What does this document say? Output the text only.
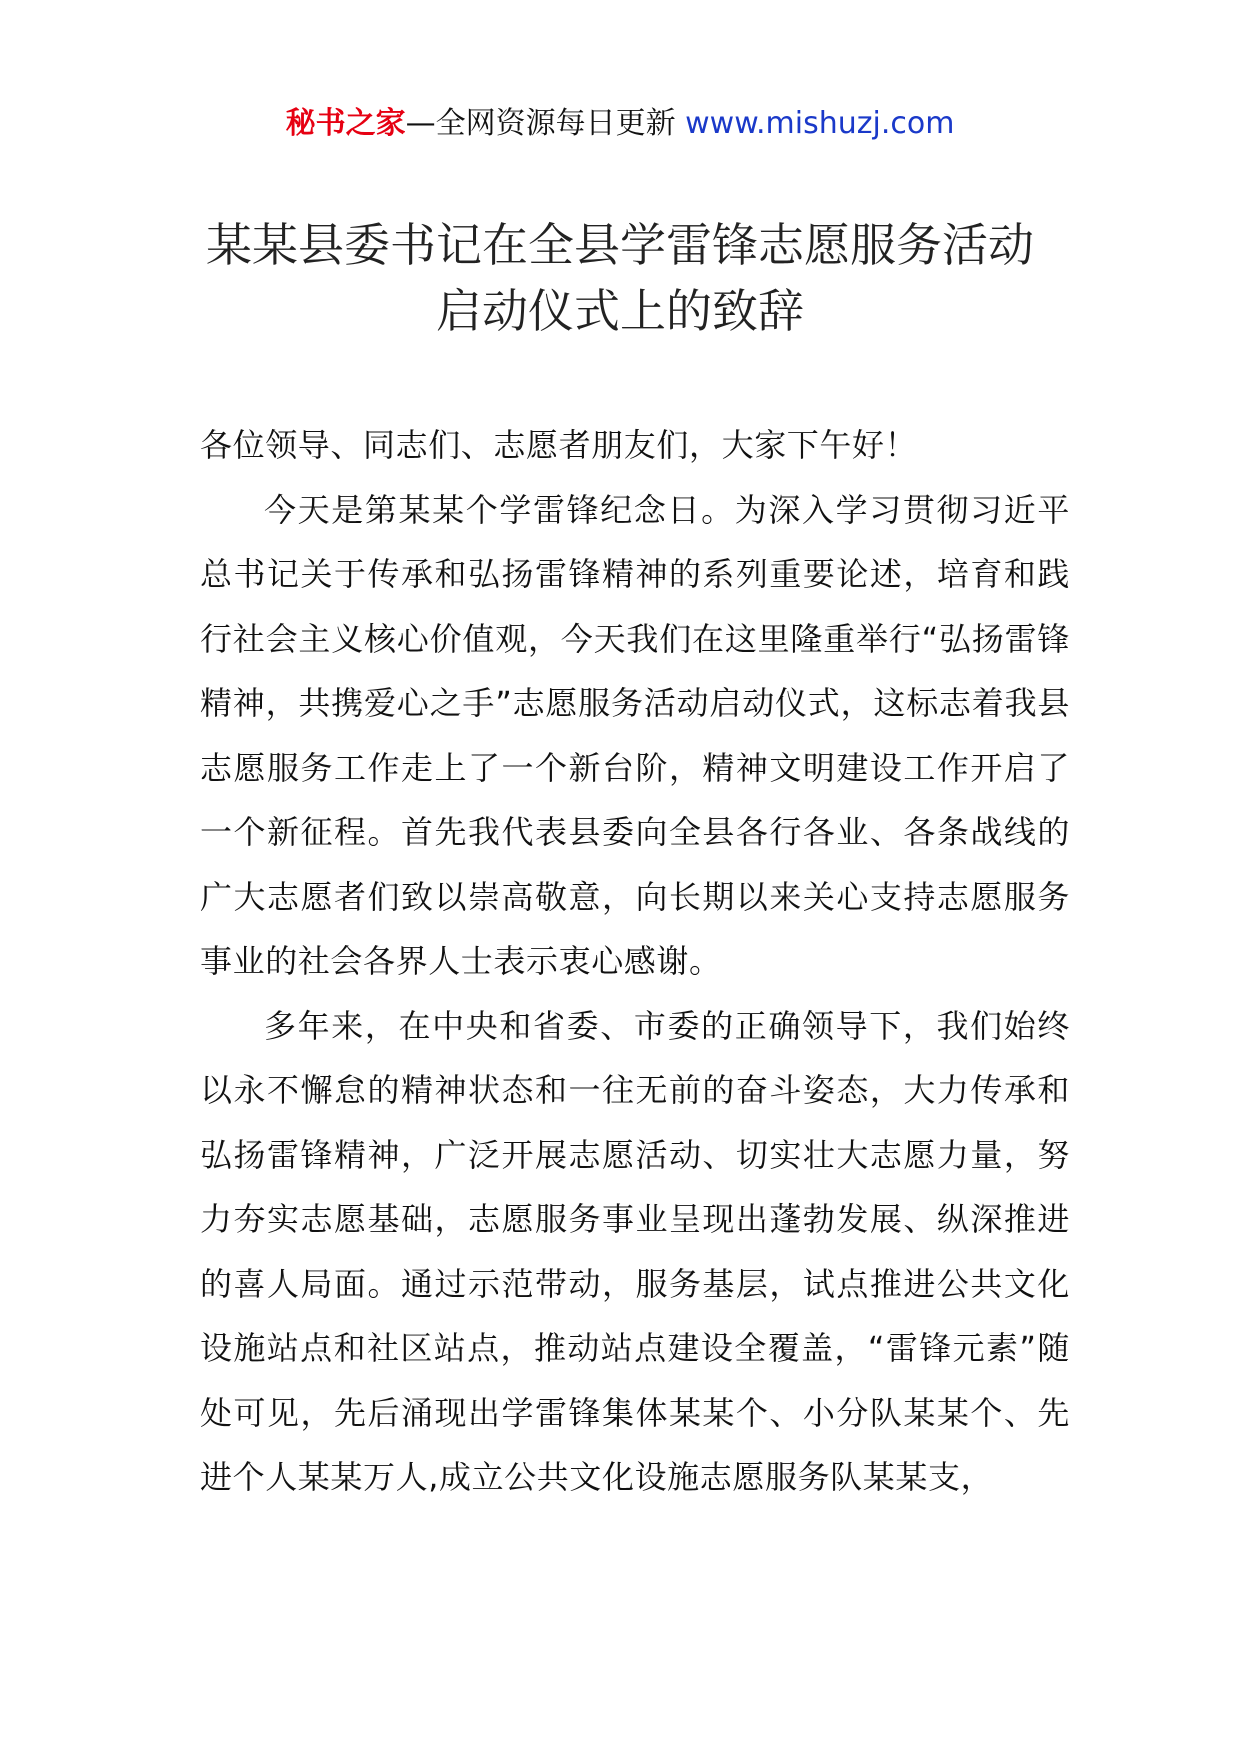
秘书之家—全网资源每日更新 www.mishuzj.com
某某县委书记在全县学雷锋志愿服务活动
启动仪式上的致辞

各位领导、同志们、志愿者朋友们，大家下午好！

今天是第某某个学雷锋纪念日。为深入学习贯彻习近平总书记关于传承和弘扬雷锋精神的系列重要论述，培育和践行社会主义核心价值观，今天我们在这里隆重举行“弘扬雷锋精神，共携爱心之手”志愿服务活动启动仪式，这标志着我县志愿服务工作走上了一个新台阶，精神文明建设工作开启了一个新征程。首先我代表县委向全县各行各业、各条战线的广大志愿者们致以崇高敬意，向长期以来关心支持志愿服务事业的社会各界人士表示衷心感谢。

多年来，在中央和省委、市委的正确领导下，我们始终以永不懈怠的精神状态和一往无前的奋斗姿态，大力传承和弘扬雷锋精神，广泛开展志愿活动、切实壮大志愿力量，努力夯实志愿基础，志愿服务事业呈现出蓬勃发展、纵深推进的喜人局面。通过示范带动，服务基层，试点推进公共文化设施站点和社区站点，推动站点建设全覆盖，“雷锋元素”随处可见，先后涌现出学雷锋集体某某个、小分队某某个、先进个人某某万人,成立公共文化设施志愿服务队某某支，
